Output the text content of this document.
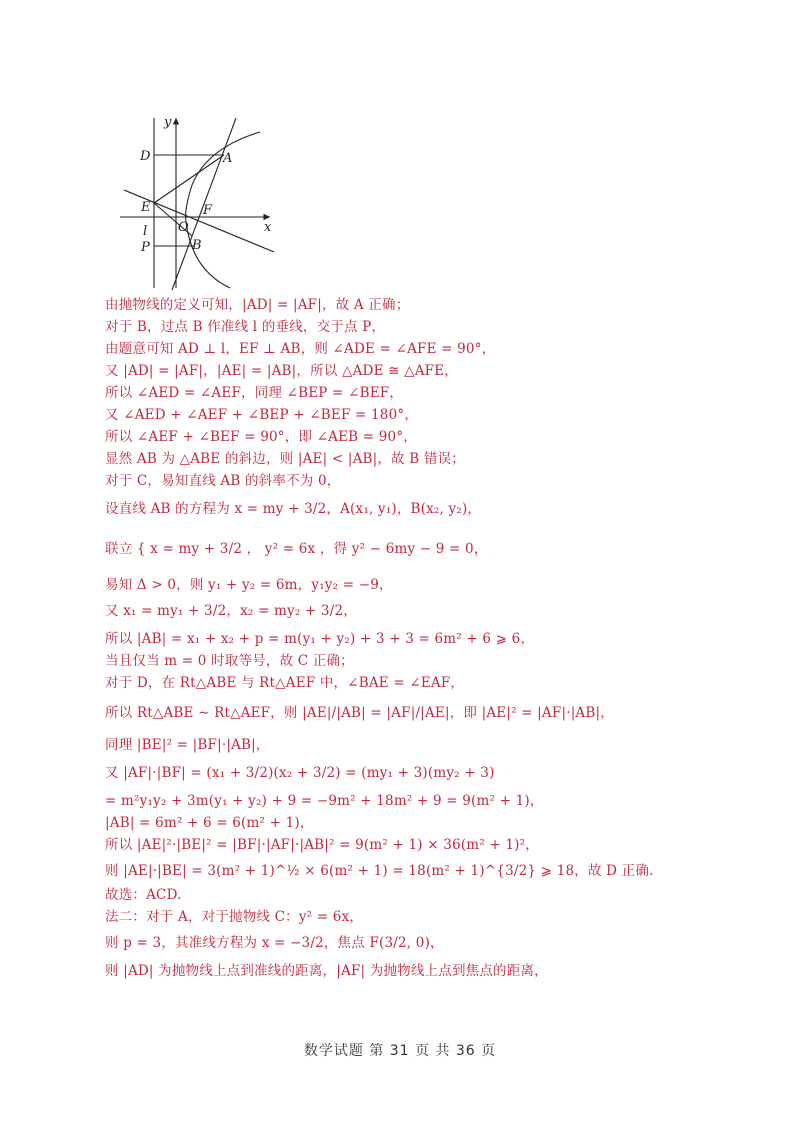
y
x
D	A
E	F
O
l
B
P

由抛物线的定义可知，|AD| = |AF|，故 A 正确；

对于 B，过点 B 作准线 l 的垂线，交于点 P，

由题意可知 AD ⊥ l，EF ⊥ AB，则 ∠ADE = ∠AFE = 90°，

又 |AD| = |AF|，|AE| = |AB|，所以 △ADE ≅ △AFE，

所以 ∠AED = ∠AEF，同理 ∠BEP = ∠BEF，

又 ∠AED + ∠AEF + ∠BEP + ∠BEF = 180°，

所以 ∠AEF + ∠BEF = 90°，即 ∠AEB = 90°，

显然 AB 为 △ABE 的斜边，则 |AE| < |AB|，故 B 错误；

对于 C，易知直线 AB 的斜率不为 0，

设直线 AB 的方程为 x = my + 3/2，A(x₁, y₁)，B(x₂, y₂)，

联立 { x = my + 3/2 ， y² = 6x ，得 y² − 6my − 9 = 0，

易知 Δ > 0，则 y₁ + y₂ = 6m，y₁y₂ = −9，

又 x₁ = my₁ + 3/2，x₂ = my₂ + 3/2，

所以 |AB| = x₁ + x₂ + p = m(y₁ + y₂) + 3 + 3 = 6m² + 6 ⩾ 6，

当且仅当 m = 0 时取等号，故 C 正确；

对于 D，在 Rt△ABE 与 Rt△AEF 中，∠BAE = ∠EAF，

所以 Rt△ABE ∼ Rt△AEF，则 |AE|/|AB| = |AF|/|AE|，即 |AE|² = |AF|·|AB|，

同理 |BE|² = |BF|·|AB|，

又 |AF|·|BF| = (x₁ + 3/2)(x₂ + 3/2) = (my₁ + 3)(my₂ + 3)

= m²y₁y₂ + 3m(y₁ + y₂) + 9 = −9m² + 18m² + 9 = 9(m² + 1)，

|AB| = 6m² + 6 = 6(m² + 1)，

所以 |AE|²·|BE|² = |BF|·|AF|·|AB|² = 9(m² + 1) × 36(m² + 1)²，

则 |AE|·|BE| = 3(m² + 1)^½ × 6(m² + 1) = 18(m² + 1)^{3/2} ⩾ 18，故 D 正确.

故选：ACD.

法二：对于 A，对于抛物线 C：y² = 6x，

则 p = 3，其准线方程为 x = −3/2，焦点 F(3/2, 0)，

则 |AD| 为抛物线上点到准线的距离，|AF| 为抛物线上点到焦点的距离，

数学试题 第 31 页 共 36 页
